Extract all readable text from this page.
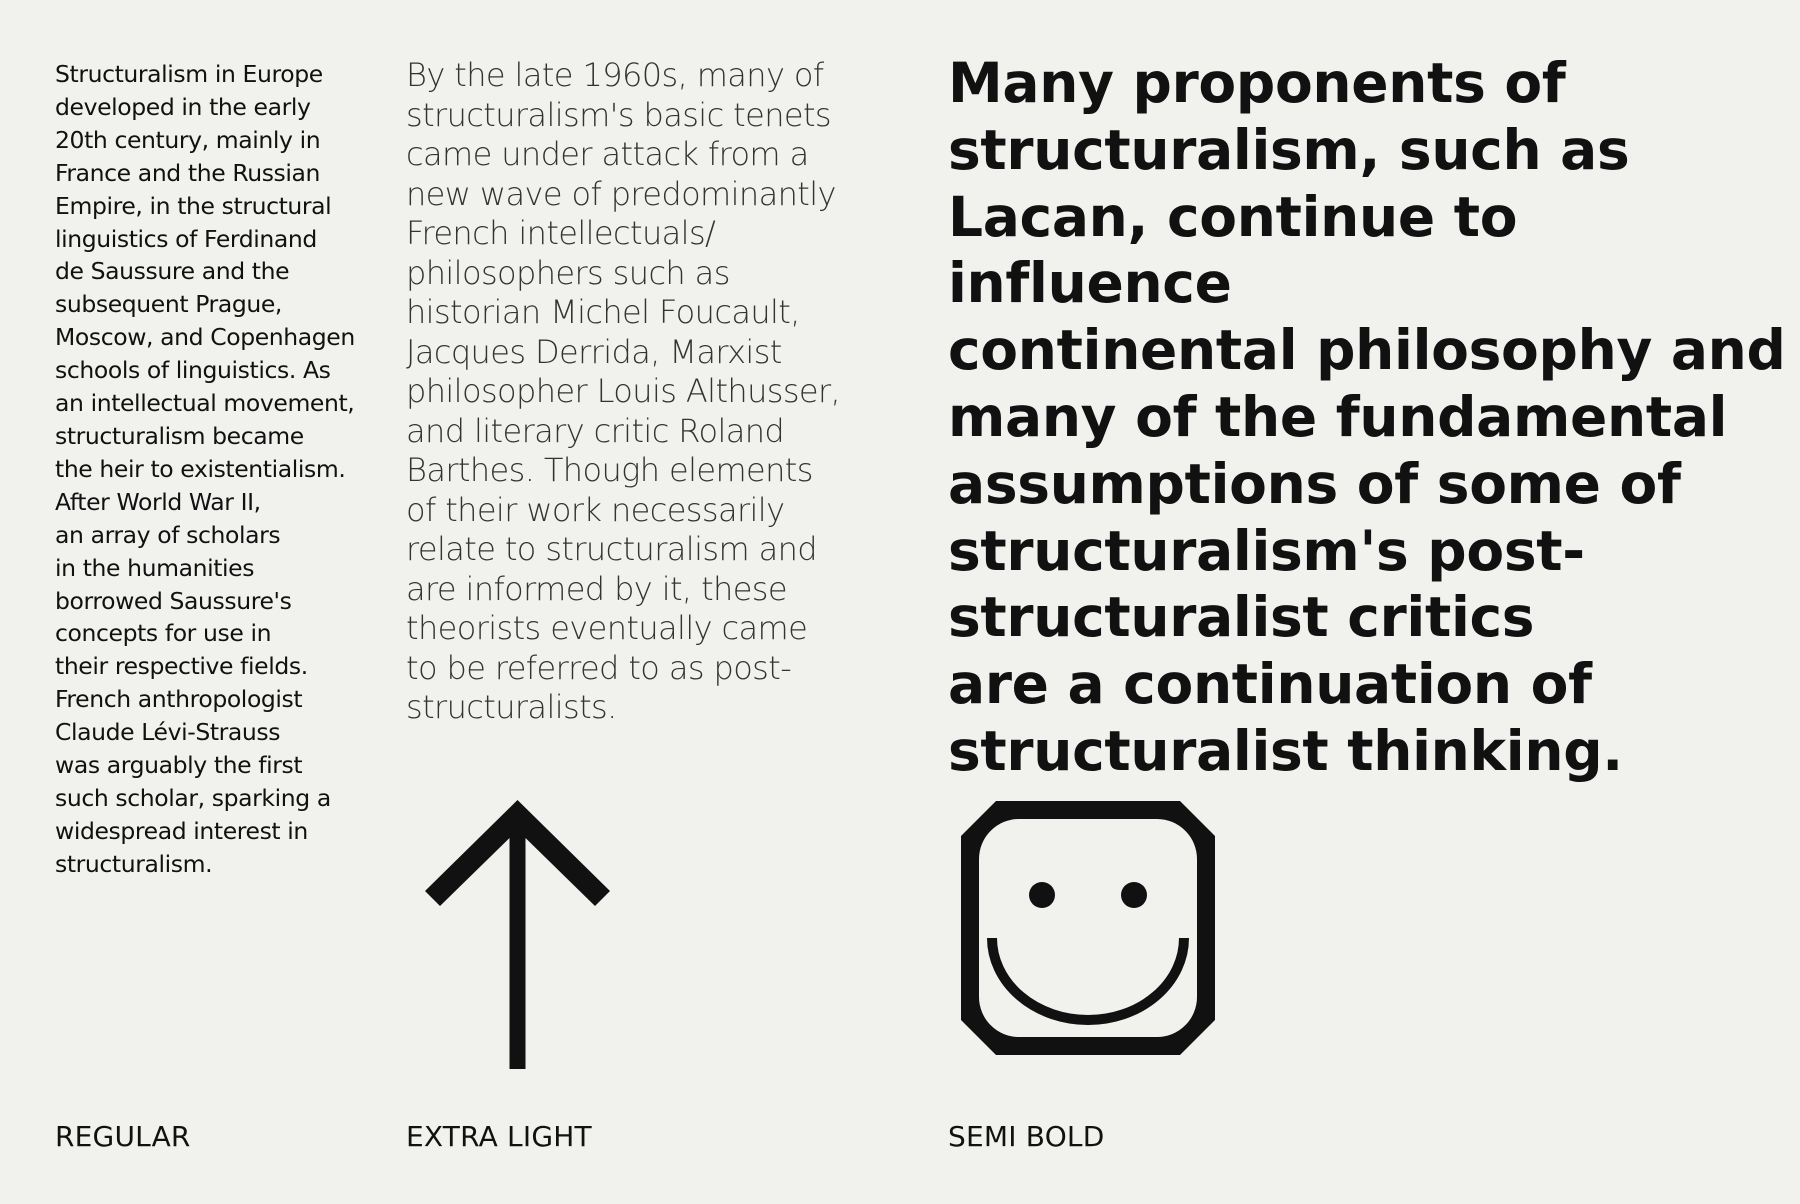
Structuralism in Europe
developed in the early
20th century, mainly in
France and the Russian
Empire, in the structural
linguistics of Ferdinand
de Saussure and the
subsequent Prague,
Moscow, and Copenhagen
schools of linguistics. As
an intellectual movement,
structuralism became
the heir to existentialism.
After World War II,
an array of scholars
in the humanities
borrowed Saussure's
concepts for use in
their respective fields.
French anthropologist
Claude Lévi-Strauss
was arguably the first
such scholar, sparking a
widespread interest in
structuralism.
By the late 1960s, many of
structuralism's basic tenets
came under attack from a
new wave of predominantly
French intellectuals/
philosophers such as
historian Michel Foucault,
Jacques Derrida, Marxist
philosopher Louis Althusser,
and literary critic Roland
Barthes. Though elements
of their work necessarily
relate to structuralism and
are informed by it, these
theorists eventually came
to be referred to as post-
structuralists.
Many proponents of
structuralism, such as
Lacan, continue to influence
continental philosophy and
many of the fundamental
assumptions of some of
structuralism's post-
structuralist critics
are a continuation of
structuralist thinking.
REGULAR	EXTRA LIGHT	SEMI BOLD
